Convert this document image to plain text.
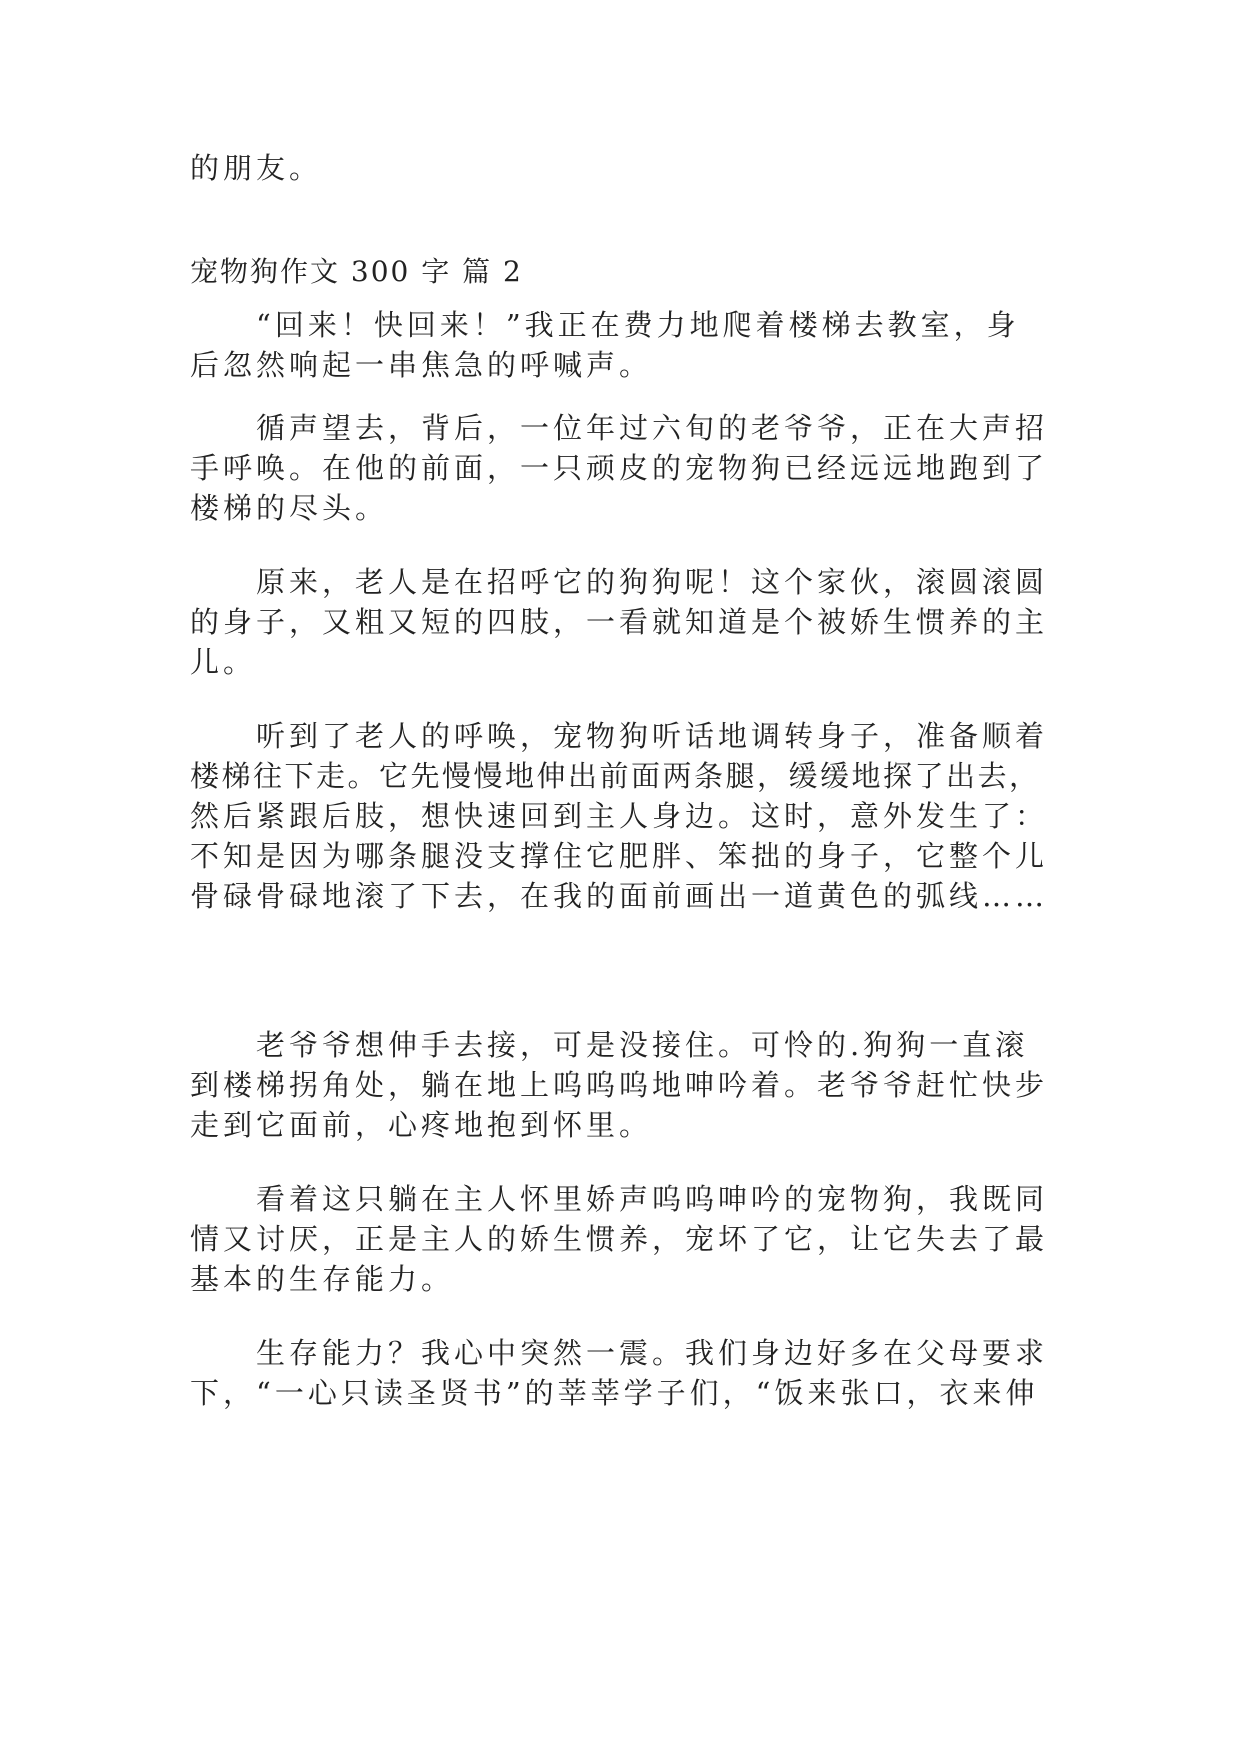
的朋友。
宠物狗作文 300 字 篇 2
“回来！快回来！”我正在费力地爬着楼梯去教室，身
后忽然响起一串焦急的呼喊声。
循声望去，背后，一位年过六旬的老爷爷，正在大声招
手呼唤。在他的前面，一只顽皮的宠物狗已经远远地跑到了
楼梯的尽头。
原来，老人是在招呼它的狗狗呢！这个家伙，滚圆滚圆
的身子，又粗又短的四肢，一看就知道是个被娇生惯养的主
儿。
听到了老人的呼唤，宠物狗听话地调转身子，准备顺着
楼梯往下走。它先慢慢地伸出前面两条腿，缓缓地探了出去，
然后紧跟后肢，想快速回到主人身边。这时，意外发生了：
不知是因为哪条腿没支撑住它肥胖、笨拙的身子，它整个儿
骨碌骨碌地滚了下去，在我的面前画出一道黄色的弧线……
老爷爷想伸手去接，可是没接住。可怜的.狗狗一直滚
到楼梯拐角处，躺在地上呜呜呜地呻吟着。老爷爷赶忙快步
走到它面前，心疼地抱到怀里。
看着这只躺在主人怀里娇声呜呜呻吟的宠物狗，我既同
情又讨厌，正是主人的娇生惯养，宠坏了它，让它失去了最
基本的生存能力。
生存能力？我心中突然一震。我们身边好多在父母要求
下，“一心只读圣贤书”的莘莘学子们，“饭来张口，衣来伸
